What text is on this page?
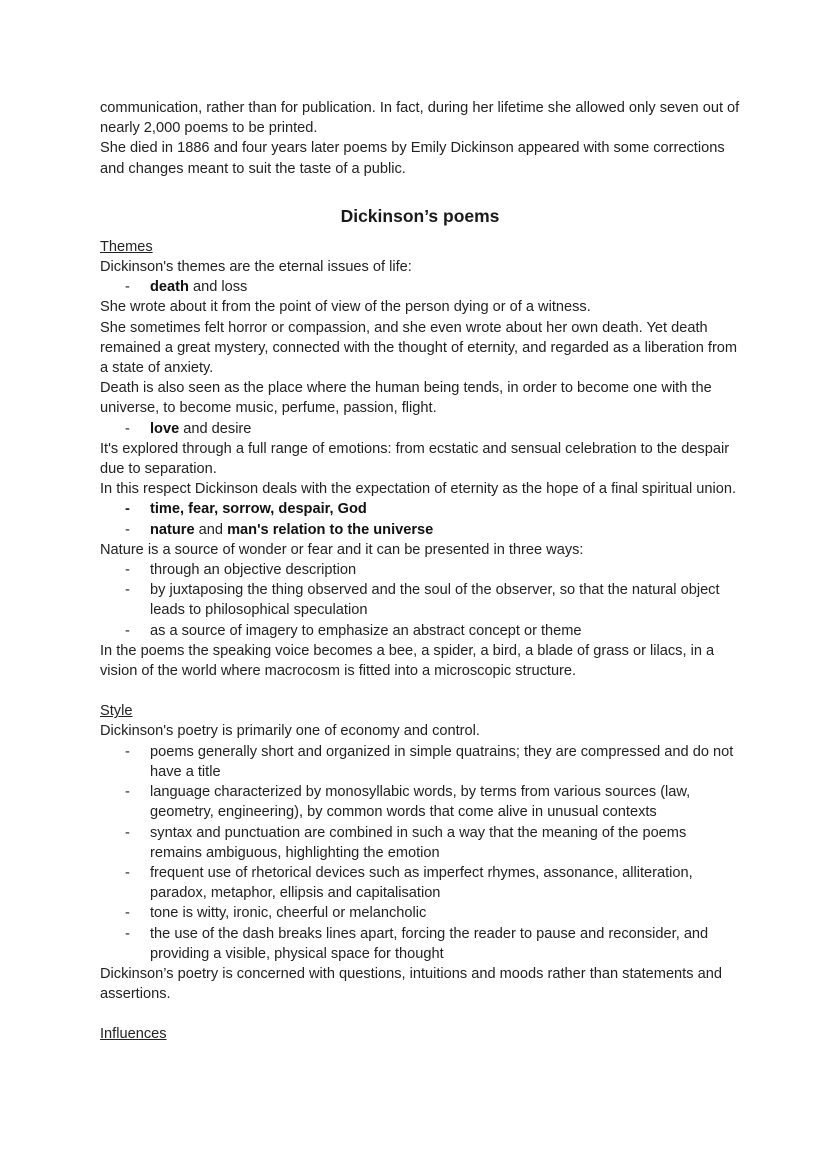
communication, rather than for publication. In fact, during her lifetime she allowed only seven out of nearly 2,000 poems to be printed.

She died in 1886 and four years later poems by Emily Dickinson appeared with some corrections and changes meant to suit the taste of a public.

Dickinson’s poems

Themes

Dickinson's themes are the eternal issues of life:

- death and loss

She wrote about it from the point of view of the person dying or of a witness.

She sometimes felt horror or compassion, and she even wrote about her own death. Yet death remained a great mystery, connected with the thought of eternity, and regarded as a liberation from a state of anxiety.

Death is also seen as the place where the human being tends, in order to become one with the universe, to become music, perfume, passion, flight.

- love and desire

It's explored through a full range of emotions: from ecstatic and sensual celebration to the despair due to separation.

In this respect Dickinson deals with the expectation of eternity as the hope of a final spiritual union.

- time, fear, sorrow, despair, God
- nature and man's relation to the universe

Nature is a source of wonder or fear and it can be presented in three ways:

- through an objective description
- by juxtaposing the thing observed and the soul of the observer, so that the natural object leads to philosophical speculation
- as a source of imagery to emphasize an abstract concept or theme

In the poems the speaking voice becomes a bee, a spider, a bird, a blade of grass or lilacs, in a vision of the world where macrocosm is fitted into a microscopic structure.

Style

Dickinson's poetry is primarily one of economy and control.

- poems generally short and organized in simple quatrains; they are compressed and do not have a title
- language characterized by monosyllabic words, by terms from various sources (law, geometry, engineering), by common words that come alive in unusual contexts
- syntax and punctuation are combined in such a way that the meaning of the poems remains ambiguous, highlighting the emotion
- frequent use of rhetorical devices such as imperfect rhymes, assonance, alliteration, paradox, metaphor, ellipsis and capitalisation
- tone is witty, ironic, cheerful or melancholic
- the use of the dash breaks lines apart, forcing the reader to pause and reconsider, and providing a visible, physical space for thought

Dickinson’s poetry is concerned with questions, intuitions and moods rather than statements and assertions.

Influences
